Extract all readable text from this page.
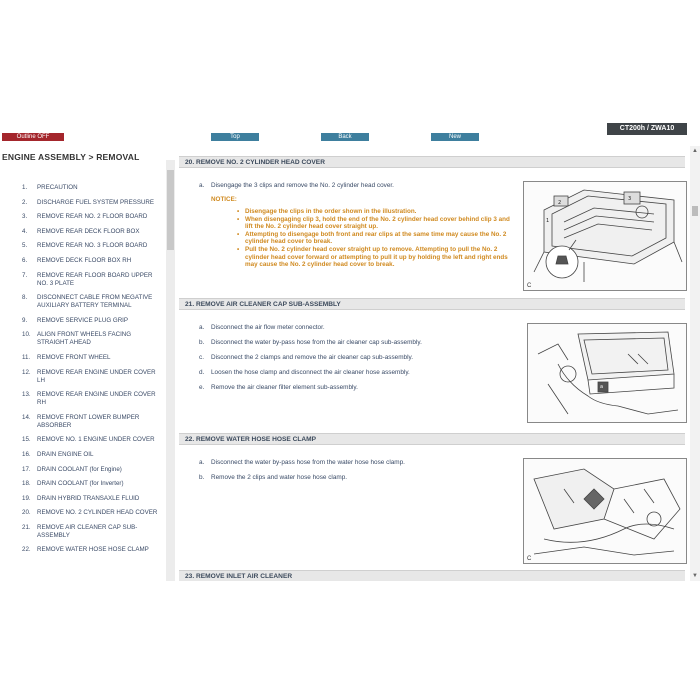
Outline OFF	Top	Back	New
CT200h / ZWA10
ENGINE ASSEMBLY > REMOVAL
1.	PRECAUTION
2.	DISCHARGE FUEL SYSTEM PRESSURE
3.	REMOVE REAR NO. 2 FLOOR BOARD
4.	REMOVE REAR DECK FLOOR BOX
5.	REMOVE REAR NO. 3 FLOOR BOARD
6.	REMOVE DECK FLOOR BOX RH
7.	REMOVE REAR FLOOR BOARD UPPER NO. 3 PLATE
8.	DISCONNECT CABLE FROM NEGATIVE AUXILIARY BATTERY TERMINAL
9.	REMOVE SERVICE PLUG GRIP
10.	ALIGN FRONT WHEELS FACING STRAIGHT AHEAD
11.	REMOVE FRONT WHEEL
12.	REMOVE REAR ENGINE UNDER COVER LH
13.	REMOVE REAR ENGINE UNDER COVER RH
14.	REMOVE FRONT LOWER BUMPER ABSORBER
15.	REMOVE NO. 1 ENGINE UNDER COVER
16.	DRAIN ENGINE OIL
17.	DRAIN COOLANT (for Engine)
18.	DRAIN COOLANT (for Inverter)
19.	DRAIN HYBRID TRANSAXLE FLUID
20.	REMOVE NO. 2 CYLINDER HEAD COVER
21.	REMOVE AIR CLEANER CAP SUB-ASSEMBLY
22.	REMOVE WATER HOSE HOSE CLAMP
20. REMOVE NO. 2 CYLINDER HEAD COVER
a. Disengage the 3 clips and remove the No. 2 cylinder head cover.
NOTICE:
• Disengage the clips in the order shown in the illustration.
• When disengaging clip 3, hold the end of the No. 2 cylinder head cover behind clip 3 and lift the No. 2 cylinder head cover straight up.
• Attempting to disengage both front and rear clips at the same time may cause the No. 2 cylinder head cover to break.
• Pull the No. 2 cylinder head cover straight up to remove. Attempting to pull the No. 2 cylinder head cover forward or attempting to pull it up by holding the left and right ends may cause the No. 2 cylinder head cover to break.
2
3
1
C
21. REMOVE AIR CLEANER CAP SUB-ASSEMBLY
a. Disconnect the air flow meter connector.
b. Disconnect the water by-pass hose from the air cleaner cap sub-assembly.
c. Disconnect the 2 clamps and remove the air cleaner cap sub-assembly.
d. Loosen the hose clamp and disconnect the air cleaner hose assembly.
e. Remove the air cleaner filter element sub-assembly.	a
22. REMOVE WATER HOSE HOSE CLAMP
a. Disconnect the water by-pass hose from the water hose hose clamp.
b. Remove the 2 clips and water hose hose clamp.
C
23. REMOVE INLET AIR CLEANER
▲
▼
